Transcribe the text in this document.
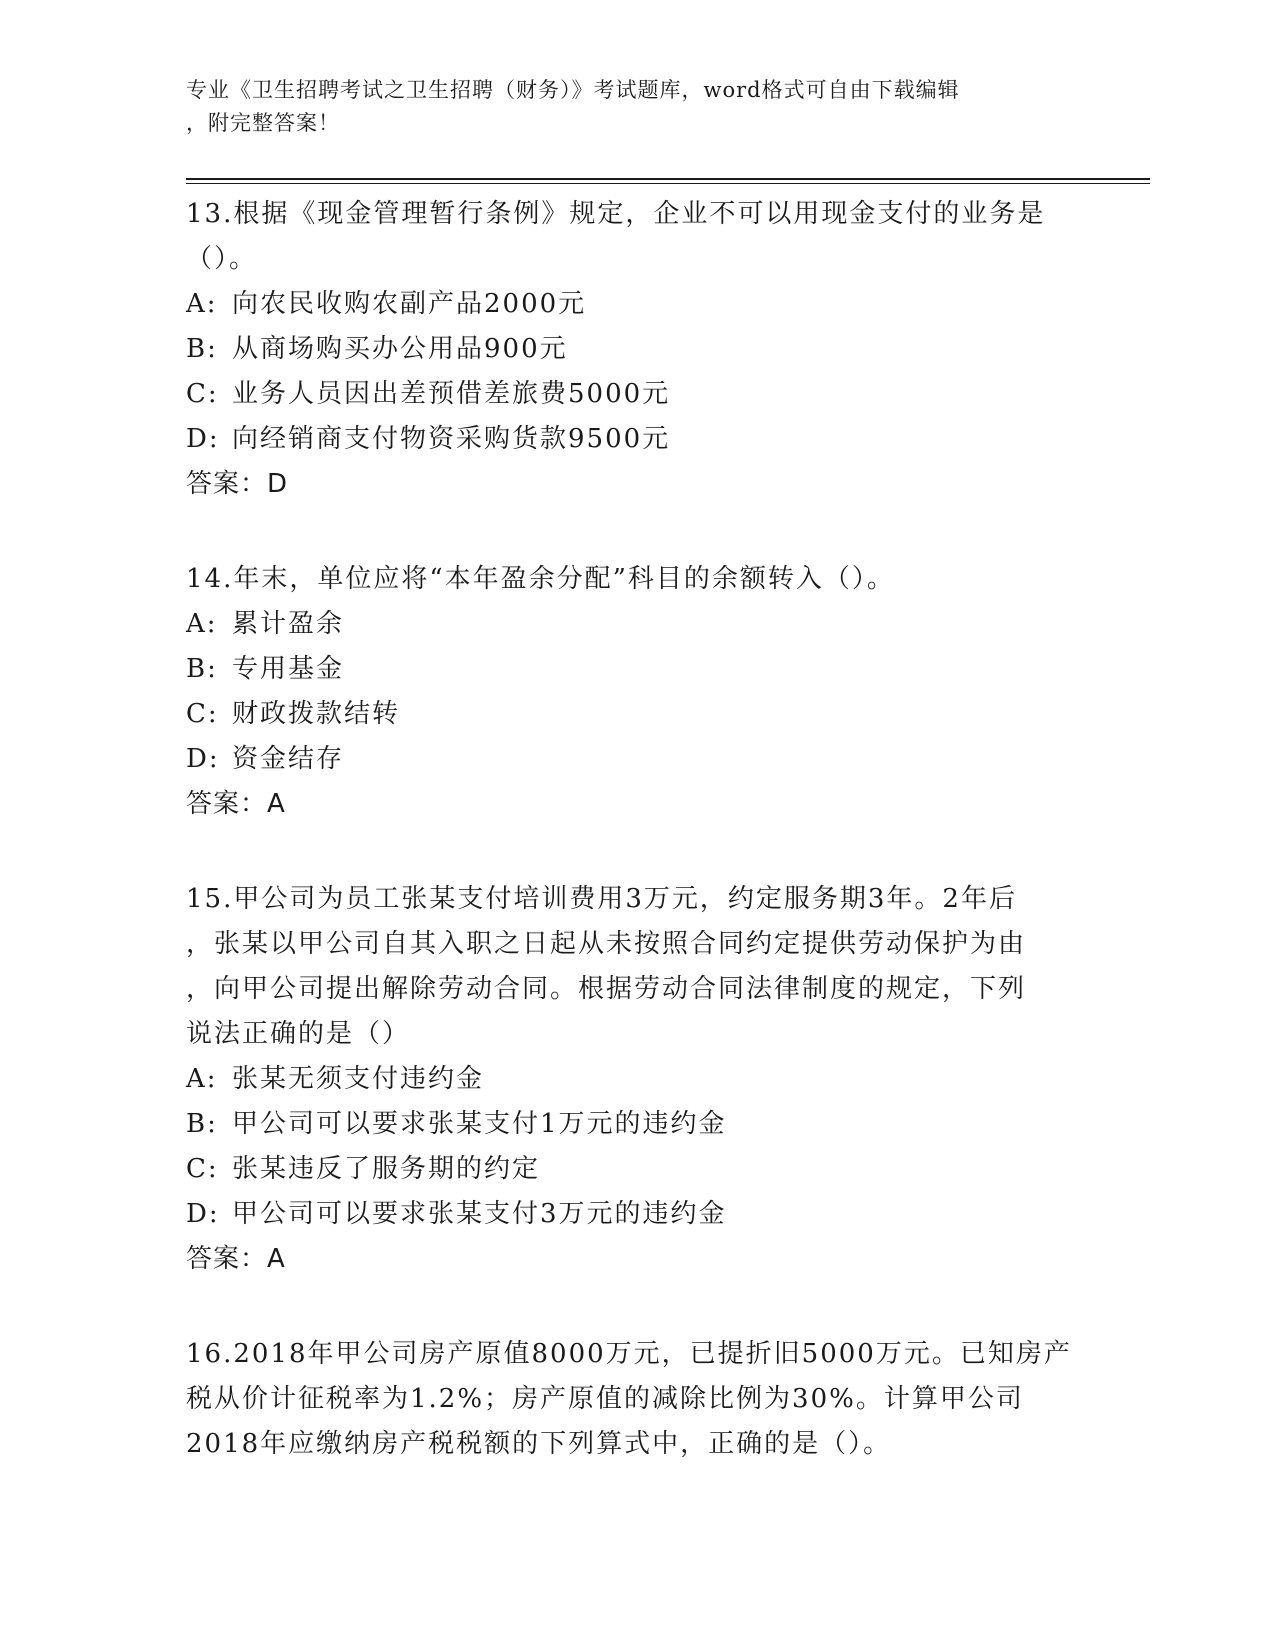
专业《卫生招聘考试之卫生招聘（财务）》考试题库，word格式可自由下载编辑
，附完整答案！

13.根据《现金管理暂行条例》规定，企业不可以用现金支付的业务是

（）。

A: 向农民收购农副产品2000元

B: 从商场购买办公用品900元

C: 业务人员因出差预借差旅费5000元

D: 向经销商支付物资采购货款9500元

答案：D

14.年末，单位应将“本年盈余分配”科目的余额转入（）。

A: 累计盈余

B: 专用基金

C: 财政拨款结转

D: 资金结存

答案：A

15.甲公司为员工张某支付培训费用3万元，约定服务期3年。2年后

，张某以甲公司自其入职之日起从未按照合同约定提供劳动保护为由

，向甲公司提出解除劳动合同。根据劳动合同法律制度的规定，下列

说法正确的是（）

A: 张某无须支付违约金

B: 甲公司可以要求张某支付1万元的违约金

C: 张某违反了服务期的约定

D: 甲公司可以要求张某支付3万元的违约金

答案：A

16.2018年甲公司房产原值8000万元，已提折旧5000万元。已知房产

税从价计征税率为1.2%；房产原值的减除比例为30%。计算甲公司

2018年应缴纳房产税税额的下列算式中，正确的是（）。
